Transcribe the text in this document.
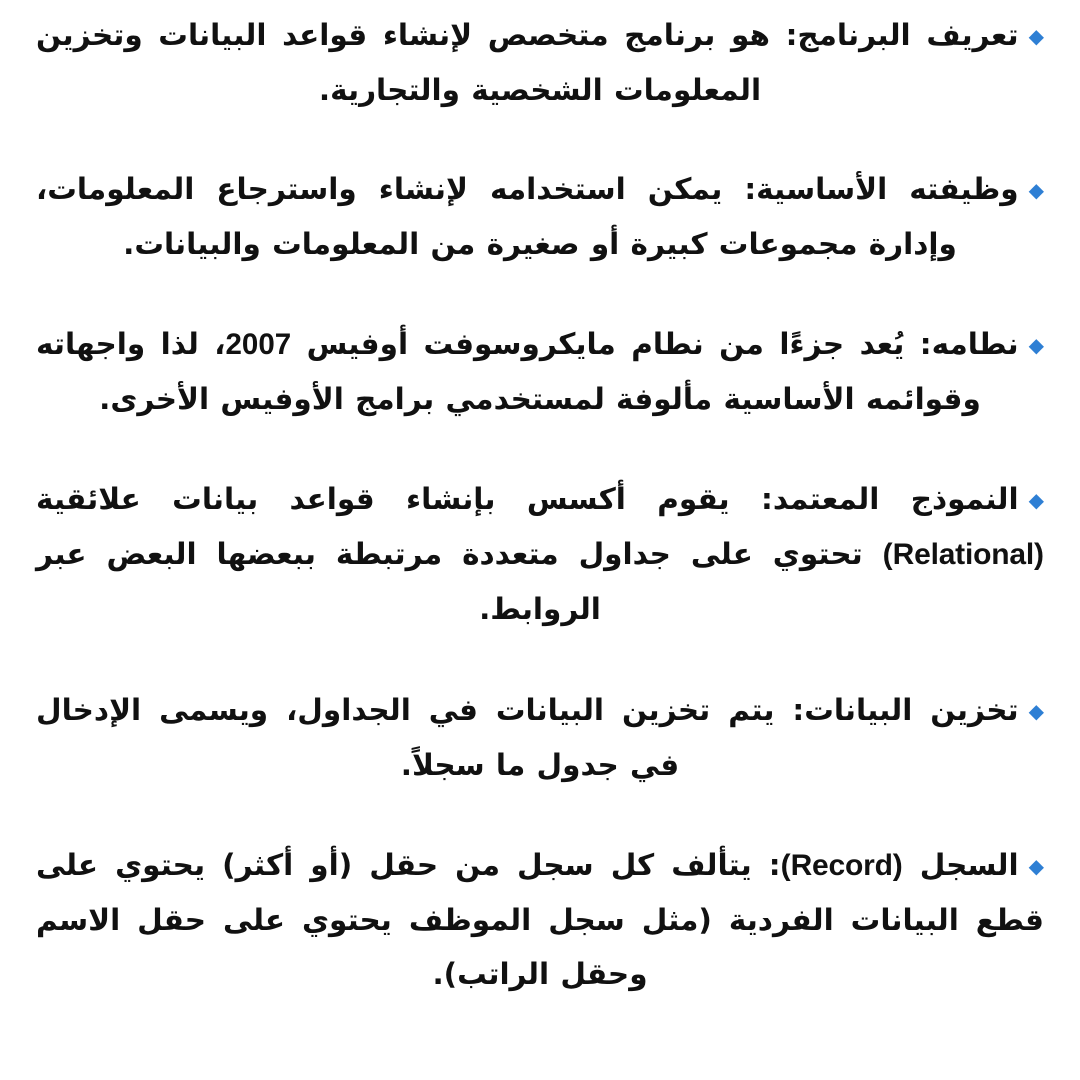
◆تعريف البرنامج: هو برنامج متخصص لإنشاء قواعد البيانات وتخزين المعلومات الشخصية والتجارية.
◆وظيفته الأساسية: يمكن استخدامه لإنشاء واسترجاع المعلومات، وإدارة مجموعات كبيرة أو صغيرة من المعلومات والبيانات.
◆نطامه: يُعد جزءًا من نطام مايكروسوفت أوفيس 2007، لذا واجهاته وقوائمه الأساسية مألوفة لمستخدمي برامج الأوفيس الأخرى.
◆النموذج المعتمد: يقوم أكسس بإنشاء قواعد بيانات علائقية (Relational) تحتوي على جداول متعددة مرتبطة ببعضها البعض عبر الروابط.
◆تخزين البيانات: يتم تخزين البيانات في الجداول، ويسمى الإدخال في جدول ما سجلاً.
◆السجل (Record): يتألف كل سجل من حقل (أو أكثر) يحتوي على قطع البيانات الفردية (مثل سجل الموظف يحتوي على حقل الاسم وحقل الراتب).
